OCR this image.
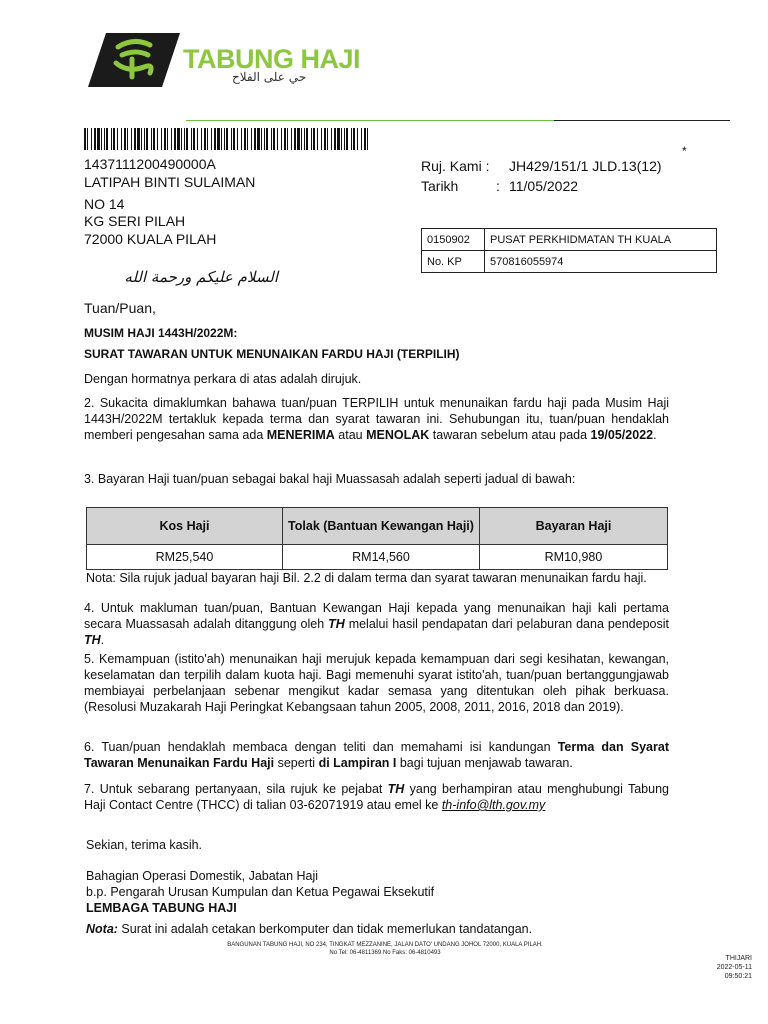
TABUNG HAJI
حي على الفلاح
*
1437111200490000A
LATIPAH BINTI SULAIMAN
NO 14
KG SERI PILAH
72000 KUALA PILAH
Ruj. Kami : JH429/151/1 JLD.13(12)
Tarikh	: 11/05/2022
0150902	PUSAT PERKHIDMATAN TH KUALA
No. KP	570816055974
السلام عليكم ورحمة الله
Tuan/Puan,
MUSIM HAJI 1443H/2022M:
SURAT TAWARAN UNTUK MENUNAIKAN FARDU HAJI (TERPILIH)
Dengan hormatnya perkara di atas adalah dirujuk.
2. Sukacita dimaklumkan bahawa tuan/puan TERPILIH untuk menunaikan fardu haji pada Musim Haji 1443H/2022M tertakluk kepada terma dan syarat tawaran ini. Sehubungan itu, tuan/puan hendaklah memberi pengesahan sama ada MENERIMA atau MENOLAK tawaran sebelum atau pada 19/05/2022.
3. Bayaran Haji tuan/puan sebagai bakal haji Muassasah adalah seperti jadual di bawah:
Kos Haji	Tolak (Bantuan Kewangan Haji)	Bayaran Haji
RM25,540	RM14,560	RM10,980
Nota: Sila rujuk jadual bayaran haji Bil. 2.2 di dalam terma dan syarat tawaran menunaikan fardu haji.
4. Untuk makluman tuan/puan, Bantuan Kewangan Haji kepada yang menunaikan haji kali pertama secara Muassasah adalah ditanggung oleh TH melalui hasil pendapatan dari pelaburan dana pendeposit TH.
5. Kemampuan (istito'ah) menunaikan haji merujuk kepada kemampuan dari segi kesihatan, kewangan, keselamatan dan terpilih dalam kuota haji. Bagi memenuhi syarat istito'ah, tuan/puan bertanggungjawab membiayai perbelanjaan sebenar mengikut kadar semasa yang ditentukan oleh pihak berkuasa. (Resolusi Muzakarah Haji Peringkat Kebangsaan tahun 2005, 2008, 2011, 2016, 2018 dan 2019).
6. Tuan/puan hendaklah membaca dengan teliti dan memahami isi kandungan Terma dan Syarat Tawaran Menunaikan Fardu Haji seperti di Lampiran I bagi tujuan menjawab tawaran.
7. Untuk sebarang pertanyaan, sila rujuk ke pejabat TH yang berhampiran atau menghubungi Tabung Haji Contact Centre (THCC) di talian 03-62071919 atau emel ke th-info@lth.gov.my
Sekian, terima kasih.
Bahagian Operasi Domestik, Jabatan Haji
b.p. Pengarah Urusan Kumpulan dan Ketua Pegawai Eksekutif
LEMBAGA TABUNG HAJI
Nota: Surat ini adalah cetakan berkomputer dan tidak memerlukan tandatangan.
BANGUNAN TABUNG HAJI, NO 234, TINGKAT MEZZANINE, JALAN DATO' UNDANG JOHOL 72000, KUALA PILAH.
No Tel: 06-4811369 No Faks: 06-4810493
THIJARI
2022-05-11 09:50:21
